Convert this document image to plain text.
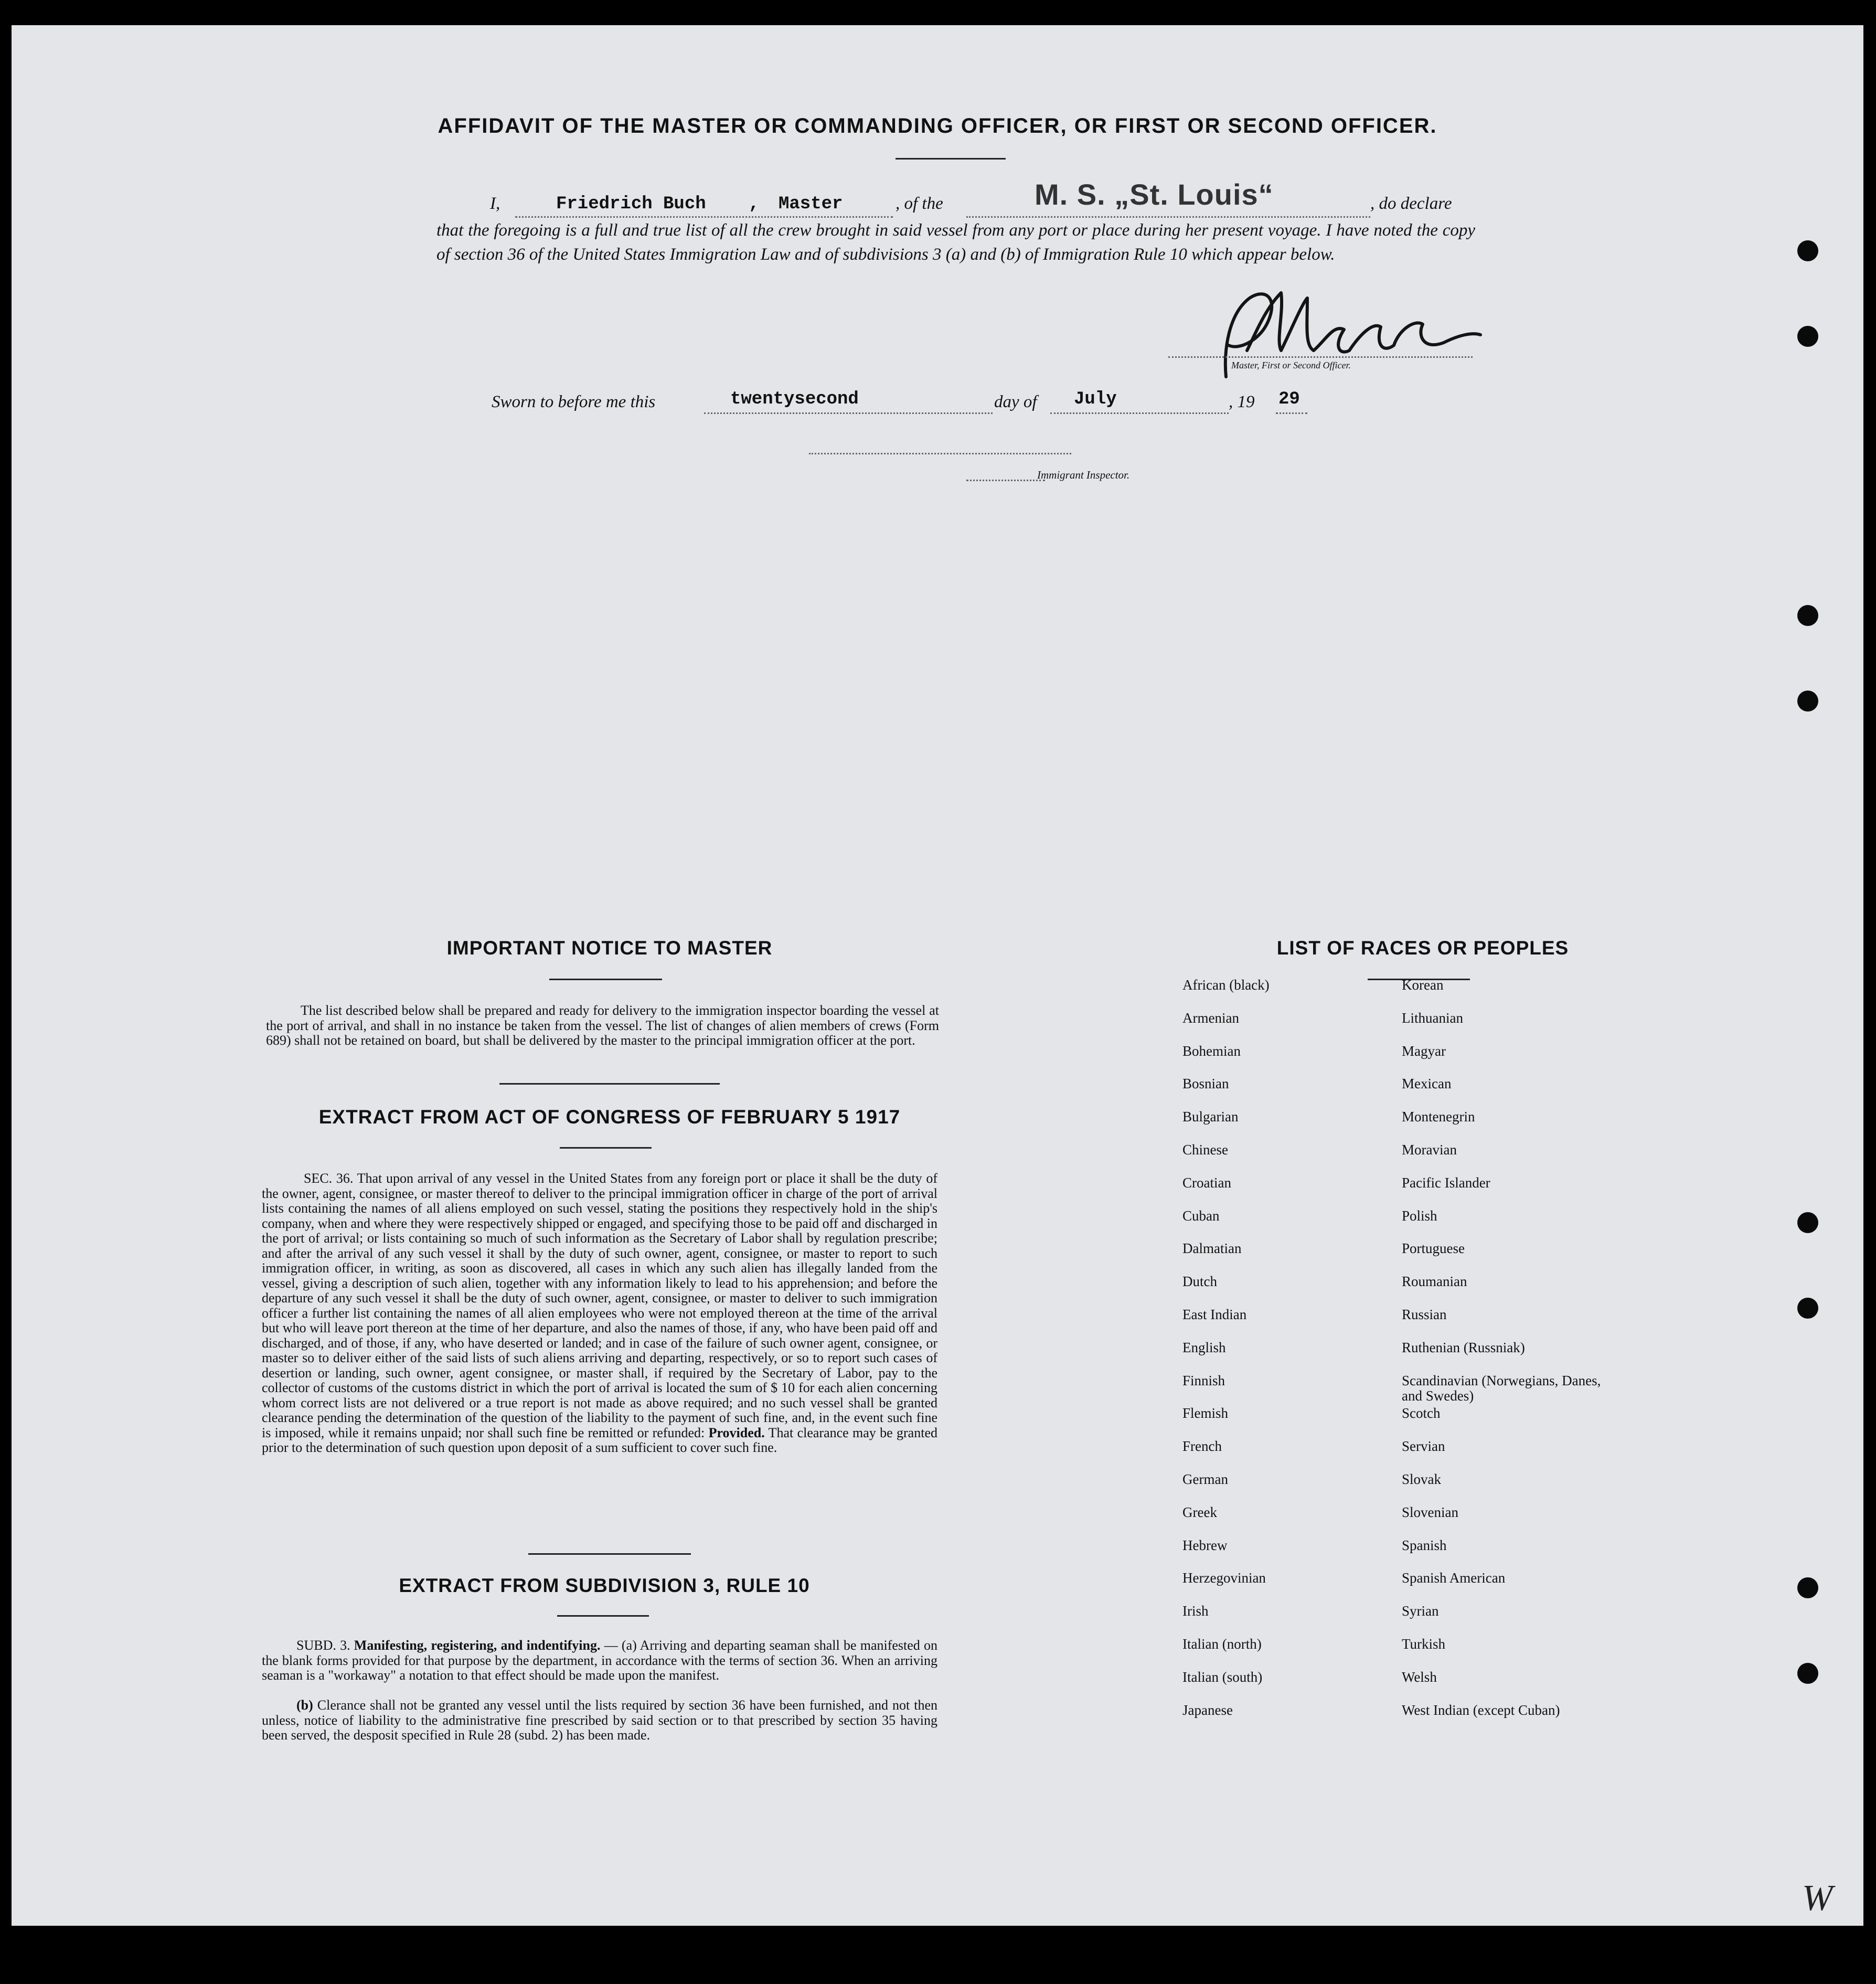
AFFIDAVIT OF THE MASTER OR COMMANDING OFFICER, OR FIRST OR SECOND OFFICER.
I,	Friedrich Buch , Master	, of the	M. S. „St. Louis“	, do declare
that the foregoing is a full and true list of all the crew brought in said vessel from any port or place during her present voyage. I have noted the copy of section 36 of the United States Immigration Law and of subdivisions 3 (a) and (b) of Immigration Rule 10 which appear below.
Master, First or Second Officer.
Sworn to before me this	twentysecond	day of July	, 19 29
Immigrant Inspector.
IMPORTANT NOTICE TO MASTER
The list described below shall be prepared and ready for delivery to the immigration inspector boarding the vessel at the port of arrival, and shall in no instance be taken from the vessel. The list of changes of alien members of crews (Form 689) shall not be retained on board, but shall be delivered by the master to the principal immigration officer at the port.
EXTRACT FROM ACT OF CONGRESS OF FEBRUARY 5 1917
SEC. 36. That upon arrival of any vessel in the United States from any foreign port or place it shall be the duty of the owner, agent, consignee, or master thereof to deliver to the principal immigration officer in charge of the port of arrival lists containing the names of all aliens employed on such vessel, stating the positions they respectively hold in the ship's company, when and where they were respectively shipped or engaged, and specifying those to be paid off and discharged in the port of arrival; or lists containing so much of such information as the Secretary of Labor shall by regulation prescribe; and after the arrival of any such vessel it shall by the duty of such owner, agent, consignee, or master to report to such immigration officer, in writing, as soon as discovered, all cases in which any such alien has illegally landed from the vessel, giving a description of such alien, together with any information likely to lead to his apprehension; and before the departure of any such vessel it shall be the duty of such owner, agent, consignee, or master to deliver to such immigration officer a further list containing the names of all alien employees who were not employed thereon at the time of the arrival but who will leave port thereon at the time of her departure, and also the names of those, if any, who have been paid off and discharged, and of those, if any, who have deserted or landed; and in case of the failure of such owner agent, consignee, or master so to deliver either of the said lists of such aliens arriving and departing, respectively, or so to report such cases of desertion or landing, such owner, agent consignee, or master shall, if required by the Secretary of Labor, pay to the collector of customs of the customs district in which the port of arrival is located the sum of $ 10 for each alien concerning whom correct lists are not delivered or a true report is not made as above required; and no such vessel shall be granted clearance pending the determination of the question of the liability to the payment of such fine, and, in the event such fine is imposed, while it remains unpaid; nor shall such fine be remitted or refunded: Provided. That clearance may be granted prior to the determination of such question upon deposit of a sum sufficient to cover such fine.
EXTRACT FROM SUBDIVISION 3, RULE 10
SUBD. 3. Manifesting, registering, and indentifying. — (a) Arriving and departing seaman shall be manifested on the blank forms provided for that purpose by the department, in accordance with the terms of section 36. When an arriving seaman is a "workaway" a notation to that effect should be made upon the manifest.
(b) Clerance shall not be granted any vessel until the lists required by section 36 have been furnished, and not then unless, notice of liability to the administrative fine prescribed by said section or to that prescribed by section 35 having been served, the desposit specified in Rule 28 (subd. 2) has been made.
LIST OF RACES OR PEOPLES
W
African (black)
Armenian
Bohemian
Bosnian
Bulgarian
Chinese
Croatian
Cuban
Dalmatian
Dutch
East Indian
English
Finnish
Flemish
French
German
Greek
Hebrew
Herzegovinian
Irish
Italian (north)
Italian (south)
Japanese
Korean
Lithuanian
Magyar
Mexican
Montenegrin
Moravian
Pacific Islander
Polish
Portuguese
Roumanian
Russian
Ruthenian (Russniak)
Scandinavian (Norwegians, Danes, and Swedes)
Scotch
Servian
Slovak
Slovenian
Spanish
Spanish American
Syrian
Turkish
Welsh
West Indian (except Cuban)
